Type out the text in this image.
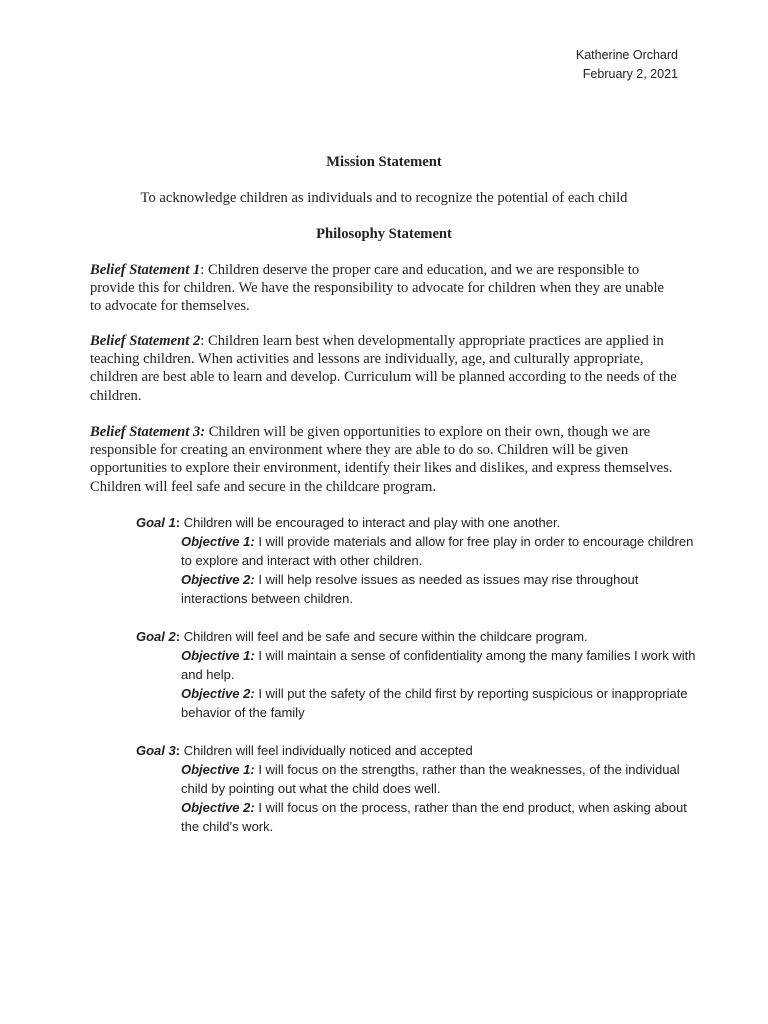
Katherine Orchard
February 2, 2021
Mission Statement
To acknowledge children as individuals and to recognize the potential of each child
Philosophy Statement
Belief Statement 1: Children deserve the proper care and education, and we are responsible to provide this for children. We have the responsibility to advocate for children when they are unable to advocate for themselves.
Belief Statement 2: Children learn best when developmentally appropriate practices are applied in teaching children. When activities and lessons are individually, age, and culturally appropriate, children are best able to learn and develop. Curriculum will be planned according to the needs of the children.
Belief Statement 3: Children will be given opportunities to explore on their own, though we are responsible for creating an environment where they are able to do so. Children will be given opportunities to explore their environment, identify their likes and dislikes, and express themselves. Children will feel safe and secure in the childcare program.
Goal 1: Children will be encouraged to interact and play with one another.
Objective 1: I will provide materials and allow for free play in order to encourage children to explore and interact with other children.
Objective 2: I will help resolve issues as needed as issues may rise throughout interactions between children.
Goal 2: Children will feel and be safe and secure within the childcare program.
Objective 1: I will maintain a sense of confidentiality among the many families I work with and help.
Objective 2: I will put the safety of the child first by reporting suspicious or inappropriate behavior of the family
Goal 3: Children will feel individually noticed and accepted
Objective 1: I will focus on the strengths, rather than the weaknesses, of the individual child by pointing out what the child does well.
Objective 2: I will focus on the process, rather than the end product, when asking about the child’s work.
